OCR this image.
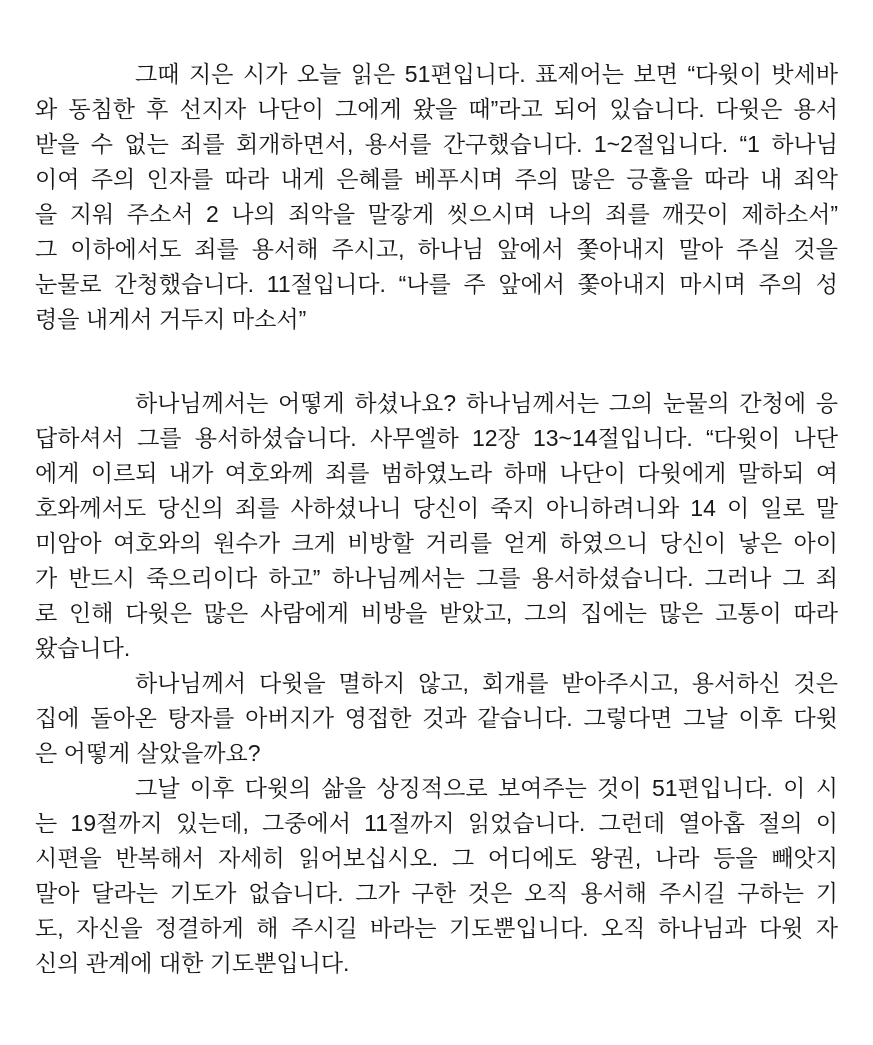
그때 지은 시가 오늘 읽은 51편입니다. 표제어는 보면 “다윗이 밧세바
와 동침한 후 선지자 나단이 그에게 왔을 때”라고 되어 있습니다. 다윗은 용서
받을 수 없는 죄를 회개하면서, 용서를 간구했습니다. 1~2절입니다. “1 하나님
이여 주의 인자를 따라 내게 은혜를 베푸시며 주의 많은 긍휼을 따라 내 죄악
을 지워 주소서 2 나의 죄악을 말갛게 씻으시며 나의 죄를 깨끗이 제하소서”
그 이하에서도 죄를 용서해 주시고, 하나님 앞에서 쫓아내지 말아 주실 것을
눈물로 간청했습니다. 11절입니다. “나를 주 앞에서 쫓아내지 마시며 주의 성
령을 내게서 거두지 마소서”
하나님께서는 어떻게 하셨나요? 하나님께서는 그의 눈물의 간청에 응
답하셔서 그를 용서하셨습니다. 사무엘하 12장 13~14절입니다. “다윗이 나단
에게 이르되 내가 여호와께 죄를 범하였노라 하매 나단이 다윗에게 말하되 여
호와께서도 당신의 죄를 사하셨나니 당신이 죽지 아니하려니와 14 이 일로 말
미암아 여호와의 원수가 크게 비방할 거리를 얻게 하였으니 당신이 낳은 아이
가 반드시 죽으리이다 하고” 하나님께서는 그를 용서하셨습니다. 그러나 그 죄
로 인해 다윗은 많은 사람에게 비방을 받았고, 그의 집에는 많은 고통이 따라
왔습니다.
하나님께서 다윗을 멸하지 않고, 회개를 받아주시고, 용서하신 것은
집에 돌아온 탕자를 아버지가 영접한 것과 같습니다. 그렇다면 그날 이후 다윗
은 어떻게 살았을까요?
그날 이후 다윗의 삶을 상징적으로 보여주는 것이 51편입니다. 이 시
는 19절까지 있는데, 그중에서 11절까지 읽었습니다. 그런데 열아홉 절의 이
시편을 반복해서 자세히 읽어보십시오. 그 어디에도 왕권, 나라 등을 빼앗지
말아 달라는 기도가 없습니다. 그가 구한 것은 오직 용서해 주시길 구하는 기
도, 자신을 정결하게 해 주시길 바라는 기도뿐입니다. 오직 하나님과 다윗 자
신의 관계에 대한 기도뿐입니다.
